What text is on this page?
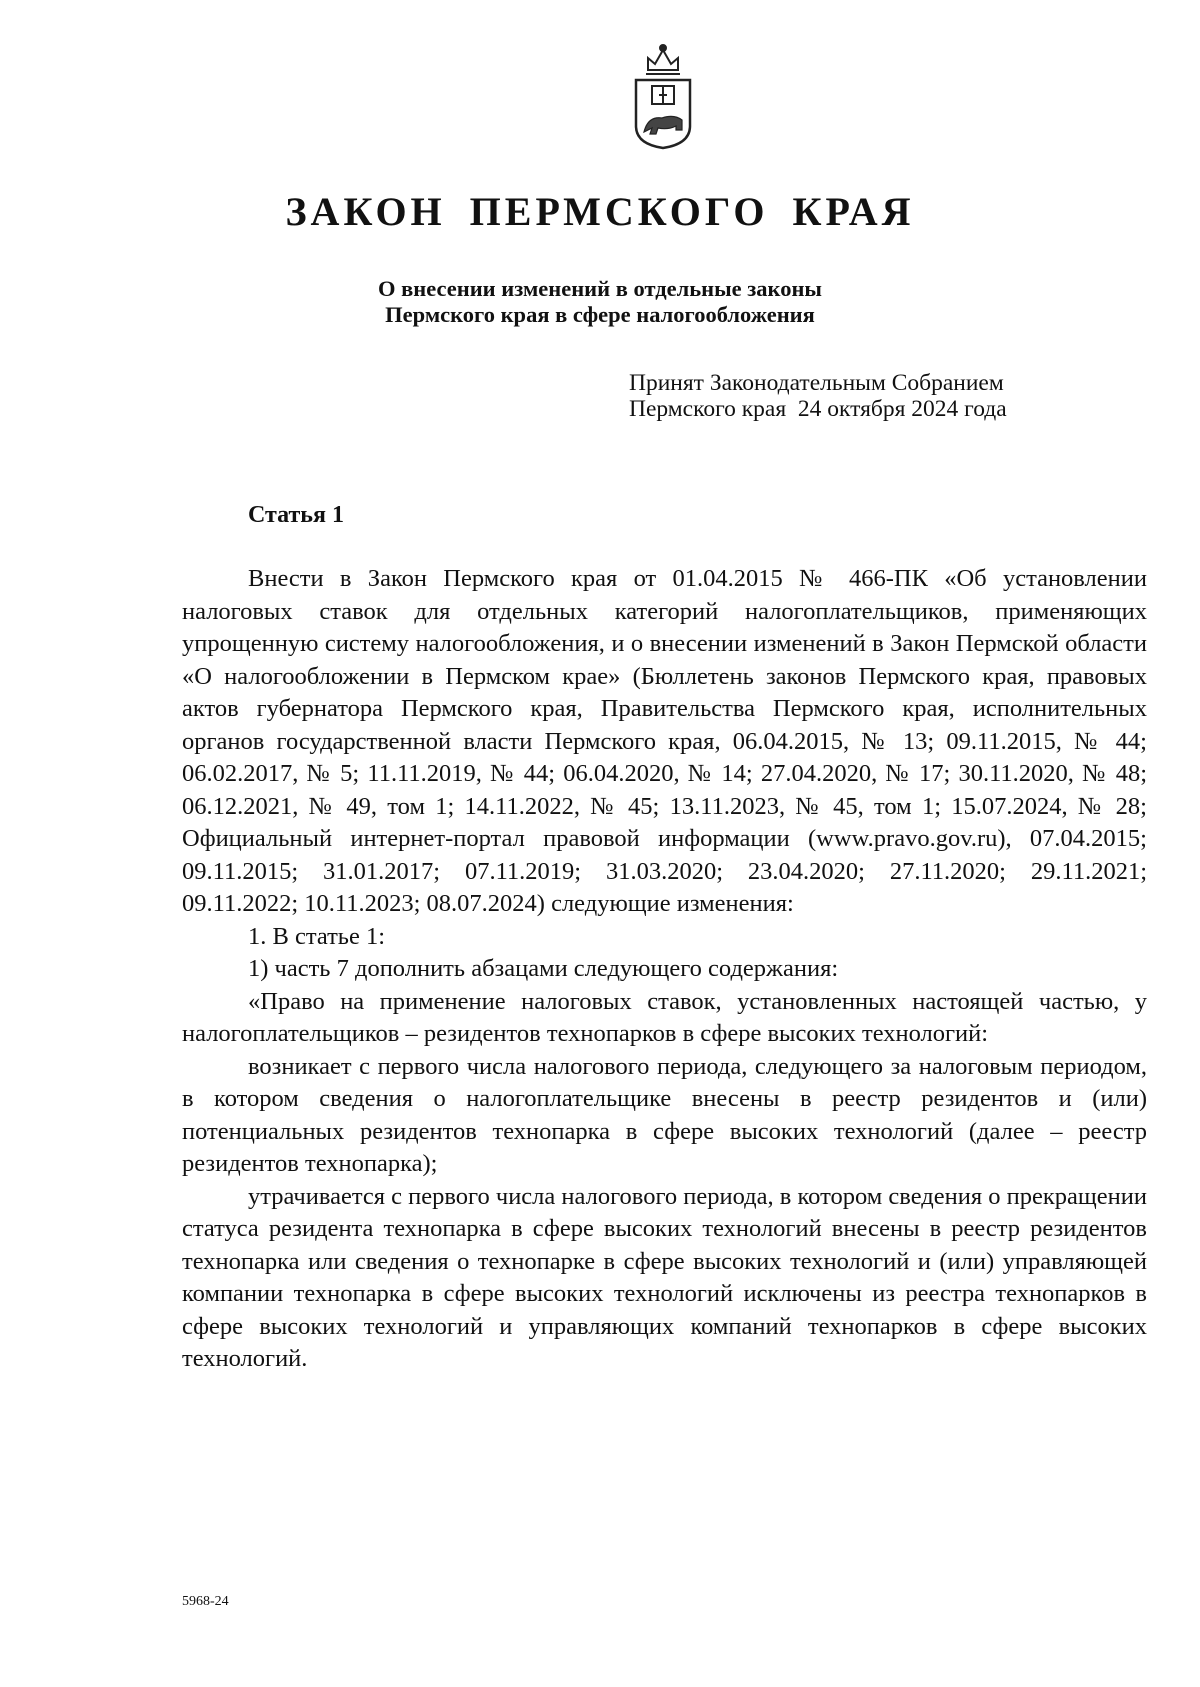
ЗАКОН ПЕРМСКОГО КРАЯ
О внесении изменений в отдельные законы
Пермского края в сфере налогообложения
Принят Законодательным Собранием
Пермского края  24 октября 2024 года
Статья 1

Внести в Закон Пермского края от 01.04.2015 № 466-ПК «Об установлении налоговых ставок для отдельных категорий налогоплательщиков, применяющих упрощенную систему налогообложения, и о внесении изменений в Закон Пермской области «О налогообложении в Пермском крае» (Бюллетень законов Пермского края, правовых актов губернатора Пермского края, Правительства Пермского края, исполнительных органов государственной власти Пермского края, 06.04.2015, № 13; 09.11.2015, № 44; 06.02.2017, № 5; 11.11.2019, № 44; 06.04.2020, № 14; 27.04.2020, № 17; 30.11.2020, № 48; 06.12.2021, № 49, том 1; 14.11.2022, № 45; 13.11.2023, № 45, том 1; 15.07.2024, № 28; Официальный интернет-портал правовой информации (www.pravo.gov.ru), 07.04.2015; 09.11.2015; 31.01.2017; 07.11.2019; 31.03.2020; 23.04.2020; 27.11.2020; 29.11.2021; 09.11.2022; 10.11.2023; 08.07.2024) следующие изменения:

1. В статье 1:

1) часть 7 дополнить абзацами следующего содержания:

«Право на применение налоговых ставок, установленных настоящей частью, у налогоплательщиков – резидентов технопарков в сфере высоких технологий:

возникает с первого числа налогового периода, следующего за налоговым периодом, в котором сведения о налогоплательщике внесены в реестр резидентов и (или) потенциальных резидентов технопарка в сфере высоких технологий (далее – реестр резидентов технопарка);

утрачивается с первого числа налогового периода, в котором сведения о прекращении статуса резидента технопарка в сфере высоких технологий внесены в реестр резидентов технопарка или сведения о технопарке в сфере высоких технологий и (или) управляющей компании технопарка в сфере высоких технологий исключены из реестра технопарков в сфере высоких технологий и управляющих компаний технопарков в сфере высоких технологий.

5968-24
